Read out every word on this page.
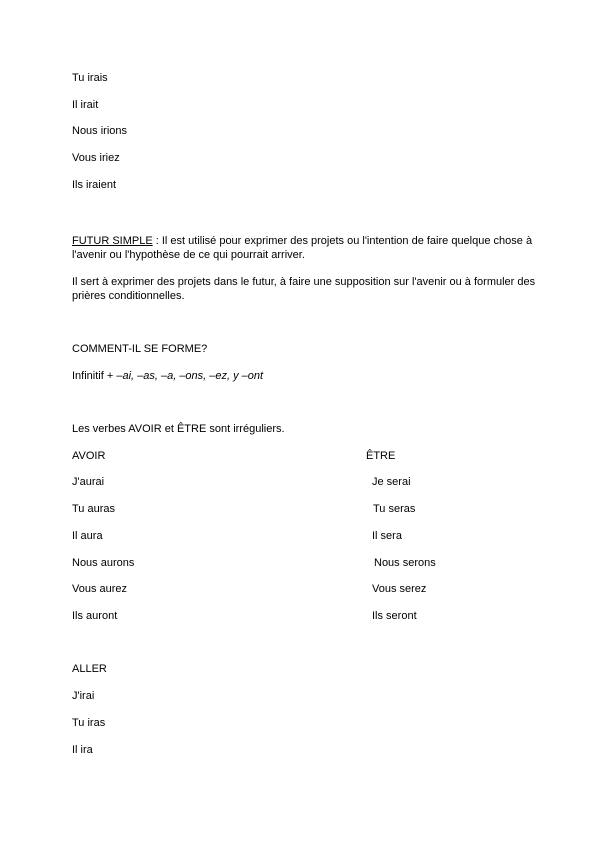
Tu irais
Il irait
Nous irions
Vous iriez
Ils iraient
FUTUR SIMPLE : Il est utilisé pour exprimer des projets ou l'intention de faire quelque chose à l'avenir ou l'hypothèse de ce qui pourrait arriver.
Il sert à exprimer des projets dans le futur, à faire une supposition sur l'avenir ou à formuler des prières conditionnelles.
COMMENT-IL SE FORME?
Infinitif + –ai, –as, –a, –ons, –ez, y –ont
Les verbes AVOIR et ÊTRE sont irréguliers.
AVOIR
J'aurai
Tu auras
Il aura
Nous aurons
Vous aurez
Ils auront
ÊTRE
Je serai
Tu seras
Il sera
Nous serons
Vous serez
Ils seront
ALLER
J'irai
Tu iras
Il ira
